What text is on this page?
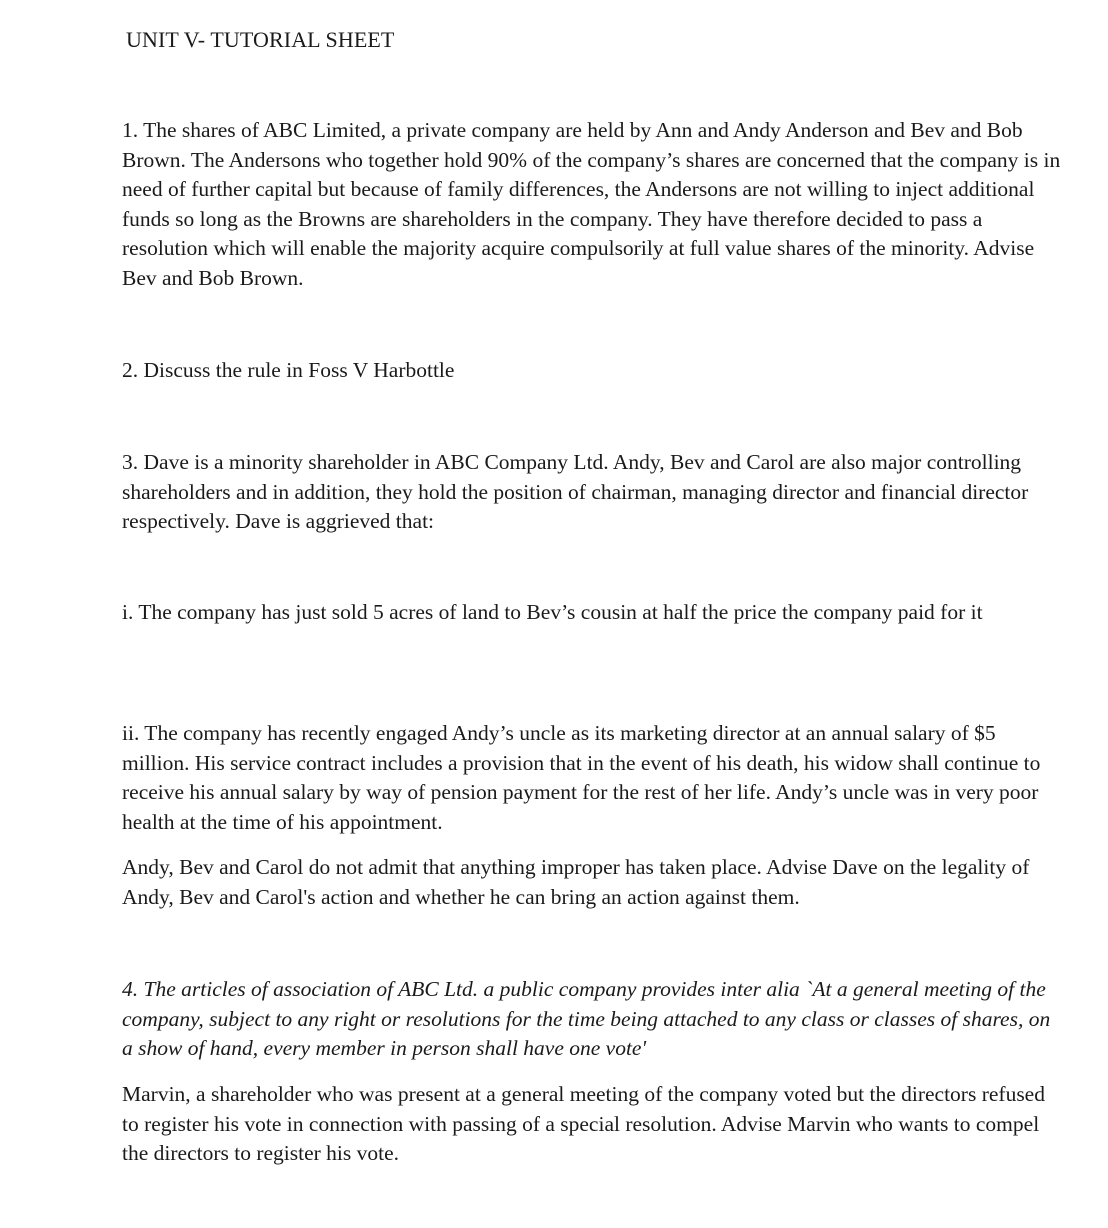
UNIT V- TUTORIAL SHEET

1. The shares of ABC Limited, a private company are held by Ann and Andy Anderson and Bev and Bob Brown. The Andersons who together hold 90% of the company’s shares are concerned that the company is in need of further capital but because of family differences, the Andersons are not willing to inject additional funds so long as the Browns are shareholders in the company. They have therefore decided to pass a resolution which will enable the majority acquire compulsorily at full value shares of the minority. Advise Bev and Bob Brown.

2. Discuss the rule in Foss V Harbottle

3. Dave is a minority shareholder in ABC Company Ltd. Andy, Bev and Carol are also major controlling shareholders and in addition, they hold the position of chairman, managing director and financial director respectively. Dave is aggrieved that:

i. The company has just sold 5 acres of land to Bev’s cousin at half the price the company paid for it

ii. The company has recently engaged Andy’s uncle as its marketing director at an annual salary of $5 million. His service contract includes a provision that in the event of his death, his widow shall continue to receive his annual salary by way of pension payment for the rest of her life. Andy’s uncle was in very poor health at the time of his appointment.

Andy, Bev and Carol do not admit that anything improper has taken place. Advise Dave on the legality of Andy, Bev and Carol's action and whether he can bring an action against them.

4. The articles of association of ABC Ltd. a public company provides inter alia `At a general meeting of the company, subject to any right or resolutions for the time being attached to any class or classes of shares, on a show of hand, every member in person shall have one vote'

Marvin, a shareholder who was present at a general meeting of the company voted but the directors refused to register his vote in connection with passing of a special resolution. Advise Marvin who wants to compel the directors to register his vote.
